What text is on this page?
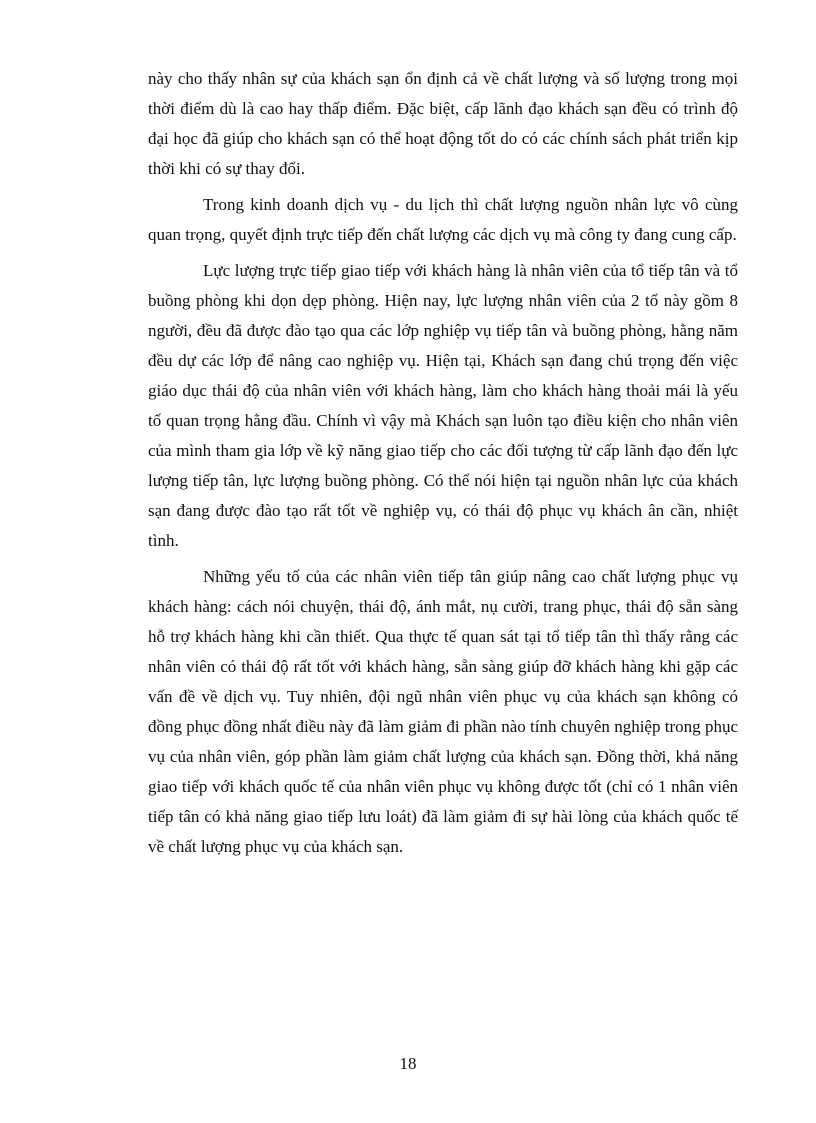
này cho thấy nhân sự của khách sạn ổn định cả về chất lượng và số lượng trong mọi thời điểm dù là cao hay thấp điểm. Đặc biệt, cấp lãnh đạo khách sạn đều có trình độ đại học đã giúp cho khách sạn có thể hoạt động tốt do có các chính sách phát triển kịp thời khi có sự thay đổi.

Trong kinh doanh dịch vụ - du lịch thì chất lượng nguồn nhân lực vô cùng quan trọng, quyết định trực tiếp đến chất lượng các dịch vụ mà công ty đang cung cấp.

Lực lượng trực tiếp giao tiếp với khách hàng là nhân viên của tổ tiếp tân và tổ buồng phòng khi dọn dẹp phòng. Hiện nay, lực lượng nhân viên của 2 tổ này gồm 8 người, đều đã được đào tạo qua các lớp nghiệp vụ tiếp tân và buồng phòng, hằng năm đều dự các lớp để nâng cao nghiệp vụ. Hiện tại, Khách sạn đang chú trọng đến việc giáo dục thái độ của nhân viên với khách hàng, làm cho khách hàng thoải mái là yếu tố quan trọng hằng đầu. Chính vì vậy mà Khách sạn luôn tạo điều kiện cho nhân viên của mình tham gia lớp về kỹ năng giao tiếp cho các đối tượng từ cấp lãnh đạo đến lực lượng tiếp tân, lực lượng buồng phòng. Có thể nói hiện tại nguồn nhân lực của khách sạn đang được đào tạo rất tốt về nghiệp vụ, có thái độ phục vụ khách ân cần, nhiệt tình.

Những yếu tố của các nhân viên tiếp tân giúp nâng cao chất lượng phục vụ khách hàng: cách nói chuyện, thái độ, ánh mắt, nụ cười, trang phục, thái độ sẵn sàng hỗ trợ khách hàng khi cần thiết. Qua thực tế quan sát tại tổ tiếp tân thì thấy rằng các nhân viên có thái độ rất tốt với khách hàng, sẵn sàng giúp đỡ khách hàng khi gặp các vấn đề về dịch vụ. Tuy nhiên, đội ngũ nhân viên phục vụ của khách sạn không có đồng phục đồng nhất điều này đã làm giảm đi phần nào tính chuyên nghiệp trong phục vụ của nhân viên, góp phần làm giảm chất lượng của khách sạn. Đồng thời, khả năng giao tiếp với khách quốc tế của nhân viên phục vụ không được tốt (chỉ có 1 nhân viên tiếp tân có khả năng giao tiếp lưu loát) đã làm giảm đi sự hài lòng của khách quốc tế về chất lượng phục vụ của khách sạn.

18
